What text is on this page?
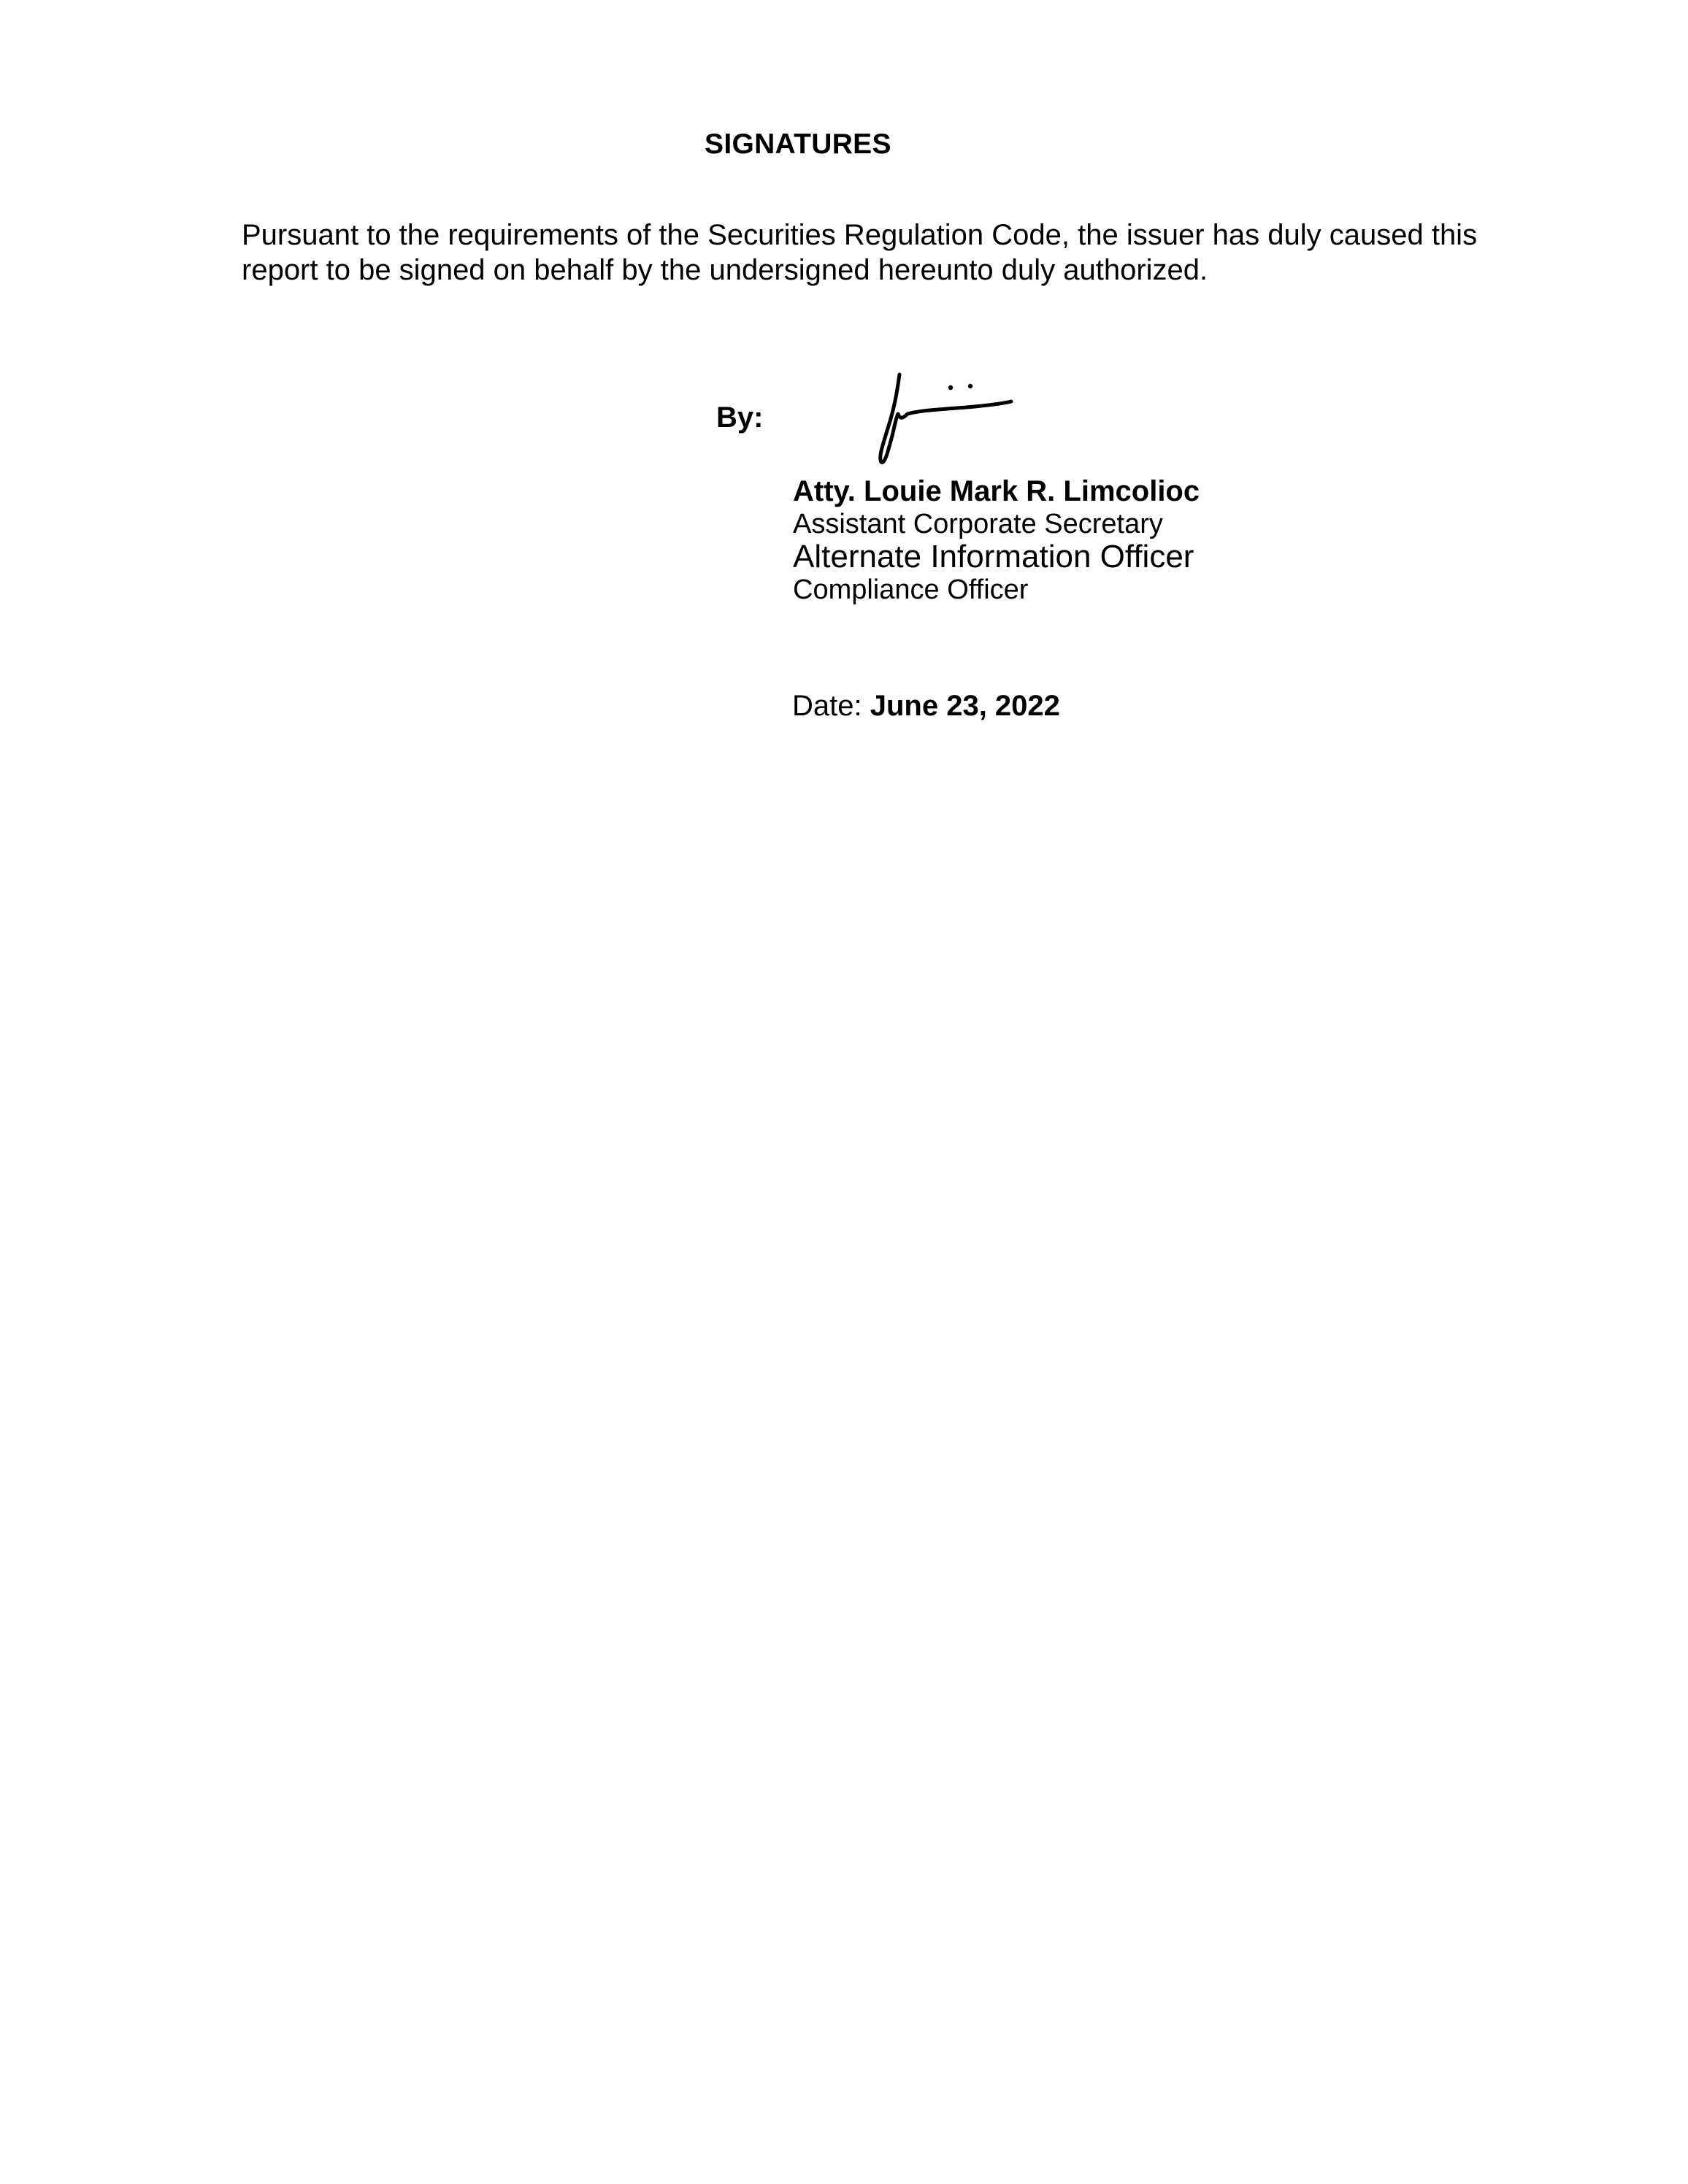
SIGNATURES

Pursuant to the requirements of the Securities Regulation Code, the issuer has duly caused this report to be signed on behalf by the undersigned hereunto duly authorized.

By:
Atty. Louie Mark R. Limcolioc
Assistant Corporate Secretary
Alternate Information Officer
Compliance Officer
Date: June 23, 2022
